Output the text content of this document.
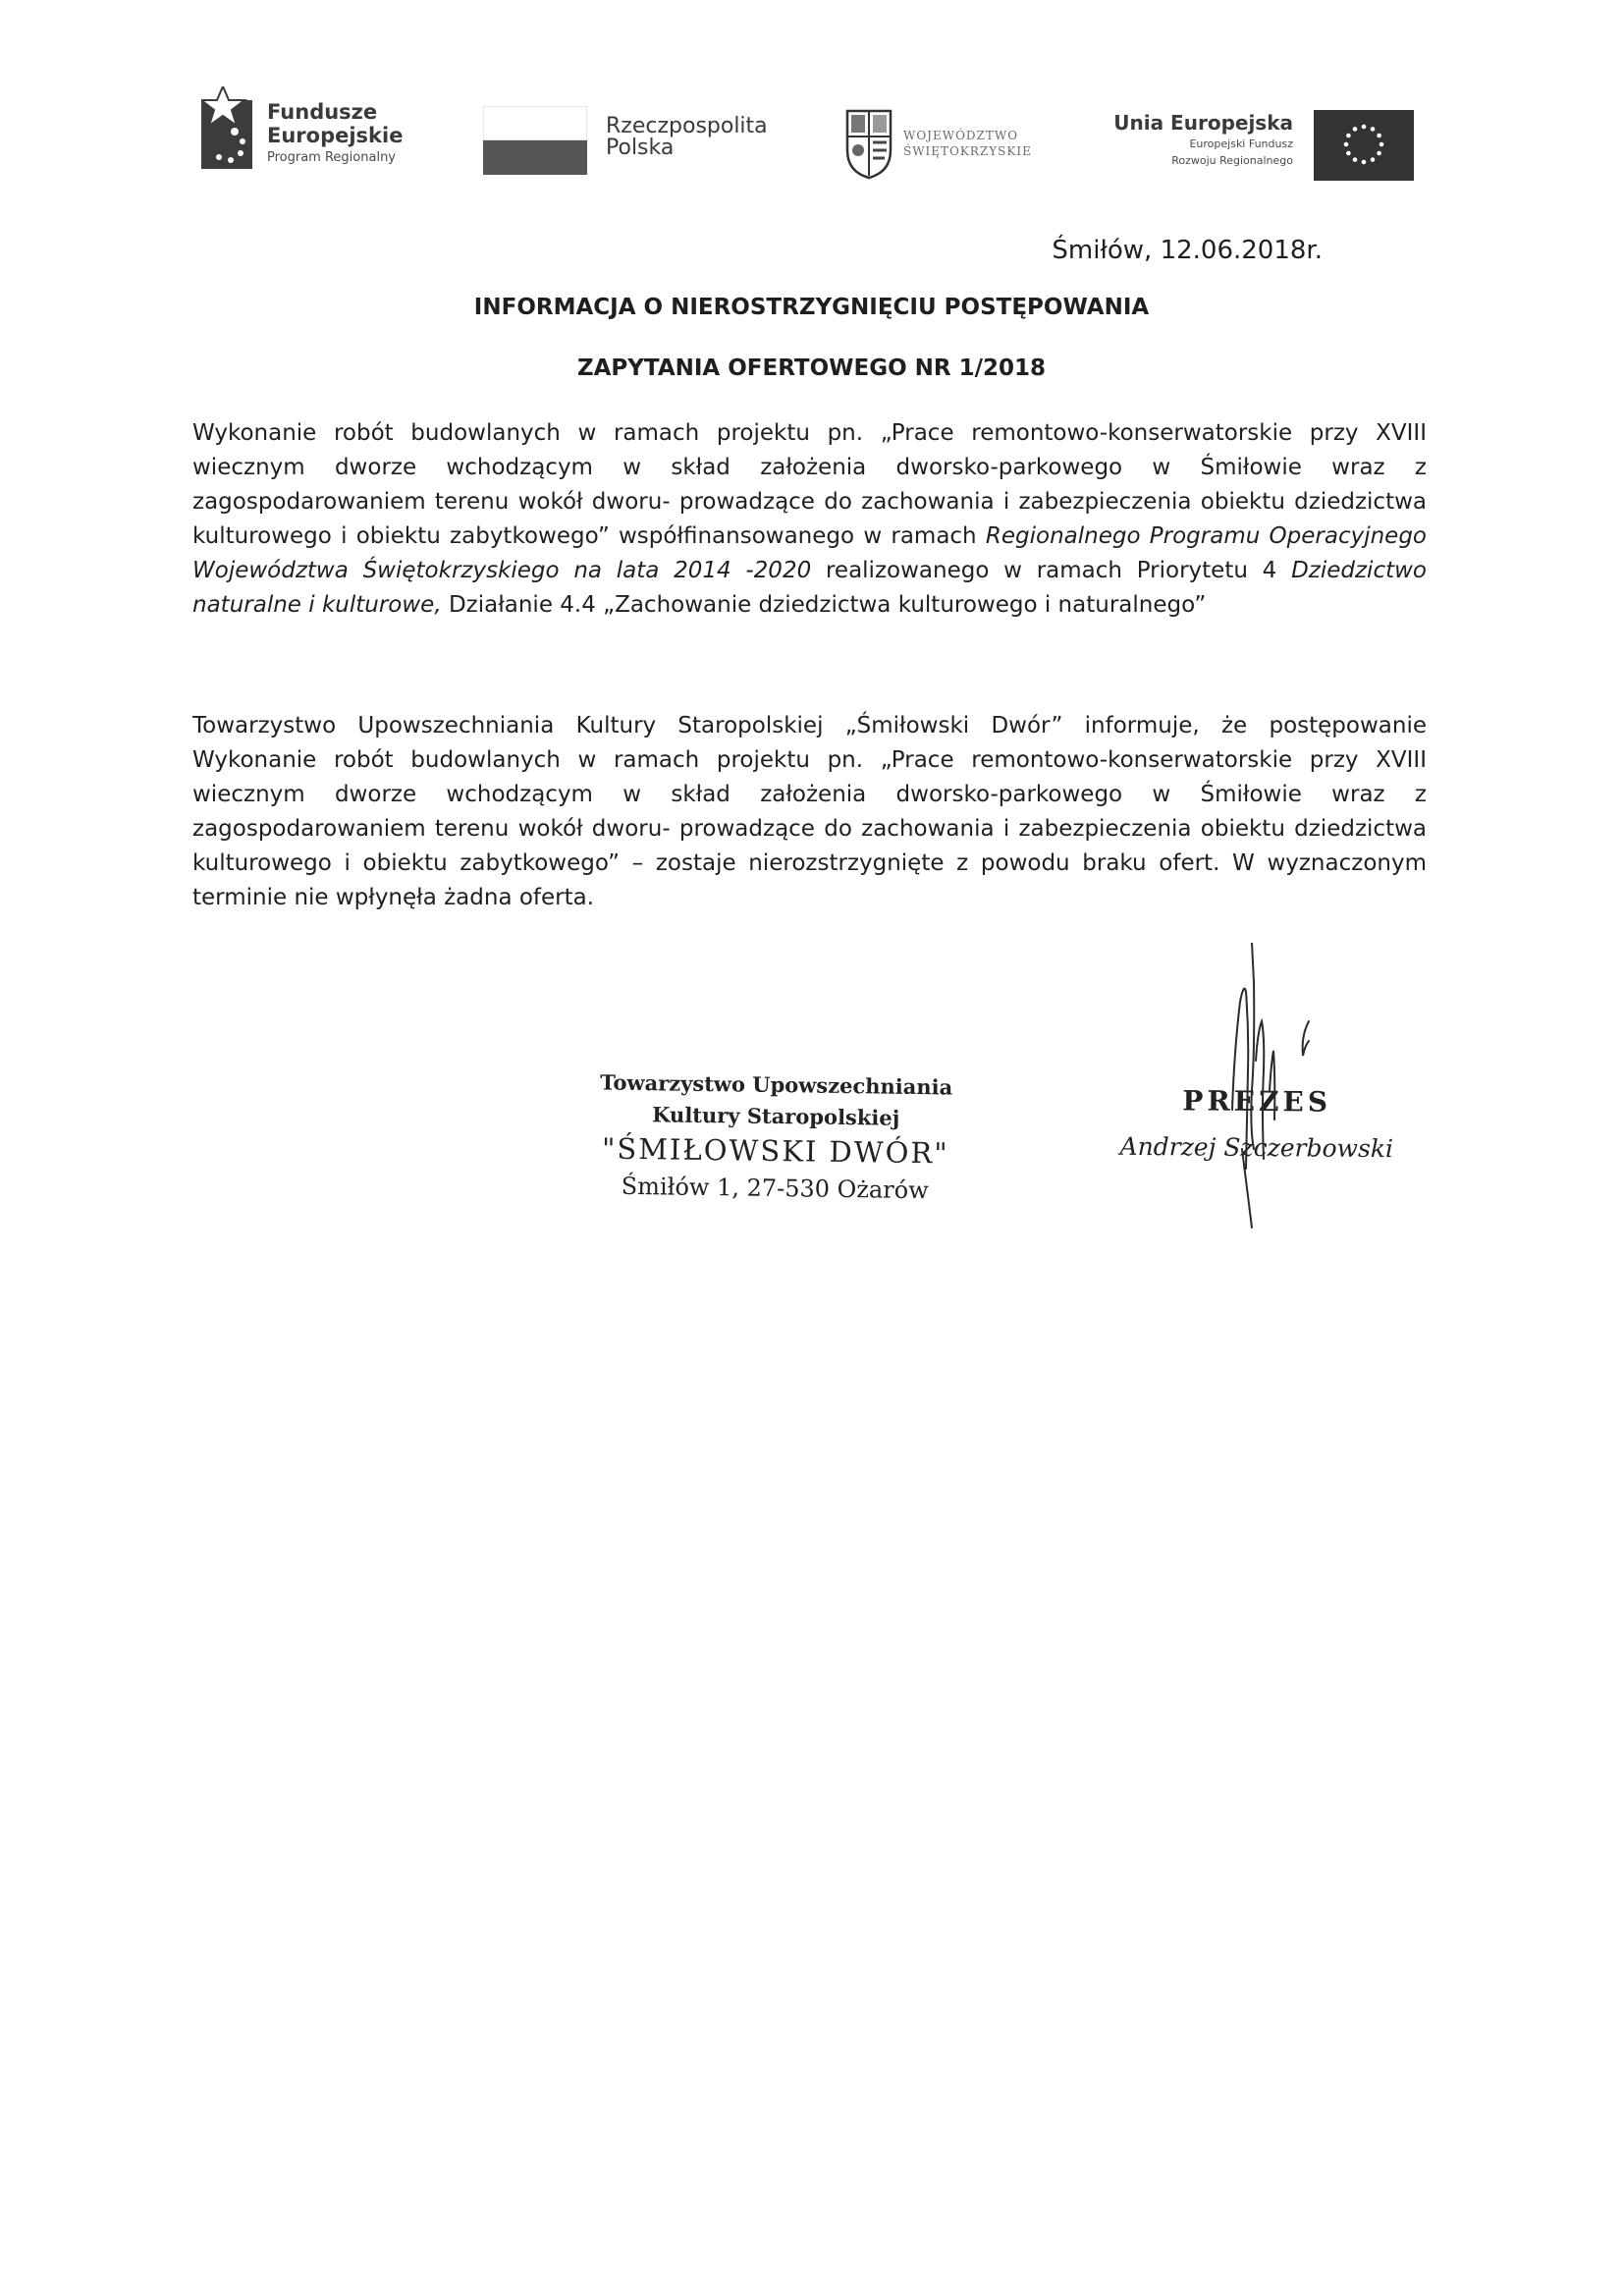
Fundusze
Europejskie
Program Regionalny
Rzeczpospolita
Polska	WOJEWÓDZTWO
ŚWIĘTOKRZYSKIE
Unia Europejska
Europejski Fundusz
Rozwoju Regionalnego
Śmiłów, 12.06.2018r.
INFORMACJA O NIEROSTRZYGNIĘCIU POSTĘPOWANIA
ZAPYTANIA OFERTOWEGO NR 1/2018
Wykonanie robót budowlanych w ramach projektu pn. „Prace remontowo-konserwatorskie przy XVIII wiecznym dworze wchodzącym w skład założenia dworsko-parkowego w Śmiłowie wraz z zagospodarowaniem terenu wokół dworu- prowadzące do zachowania i zabezpieczenia obiektu dziedzictwa kulturowego i obiektu zabytkowego” współfinansowanego w ramach Regionalnego Programu Operacyjnego Województwa Świętokrzyskiego na lata 2014 -2020 realizowanego w ramach Priorytetu 4 Dziedzictwo naturalne i kulturowe, Działanie 4.4 „Zachowanie dziedzictwa kulturowego i naturalnego”
Towarzystwo Upowszechniania Kultury Staropolskiej „Śmiłowski Dwór” informuje, że postępowanie Wykonanie robót budowlanych w ramach projektu pn. „Prace remontowo-konserwatorskie przy XVIII wiecznym dworze wchodzącym w skład założenia dworsko-parkowego w Śmiłowie wraz z zagospodarowaniem terenu wokół dworu- prowadzące do zachowania i zabezpieczenia obiektu dziedzictwa kulturowego i obiektu zabytkowego” – zostaje nierozstrzygnięte z powodu braku ofert. W wyznaczonym terminie nie wpłynęła żadna oferta.
Towarzystwo Upowszechniania
Kultury Staropolskiej
"ŚMIŁOWSKI DWÓR"
Śmiłów 1, 27-530 Ożarów
PREZES
Andrzej Szczerbowski
